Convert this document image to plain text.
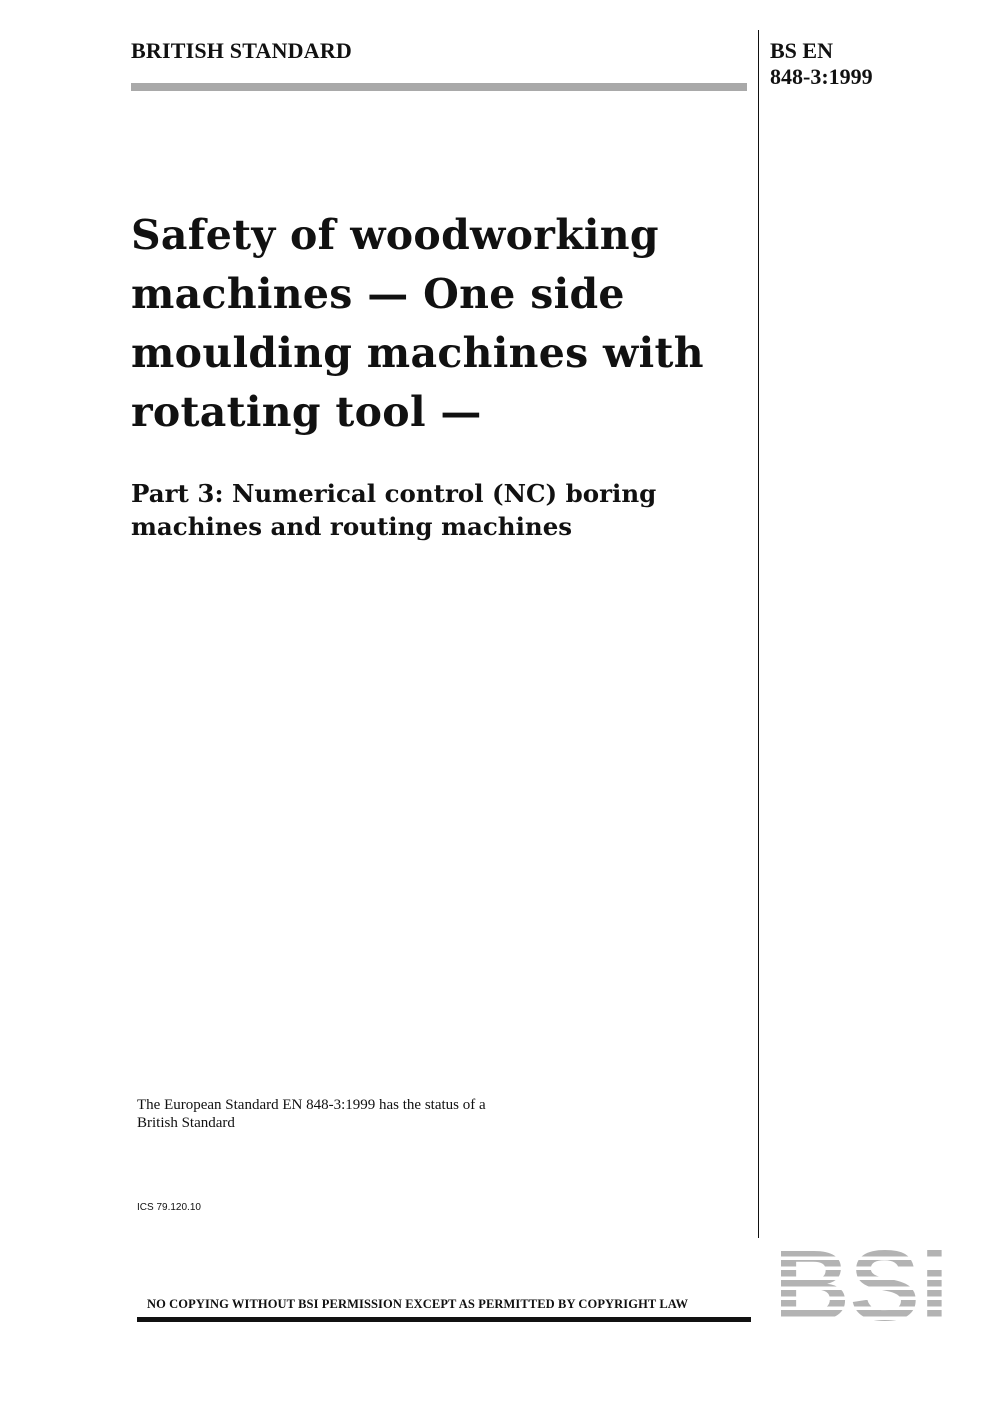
BRITISH STANDARD	BS EN
848-3:1999
Safety of woodworking
machines — One side
moulding machines with
rotating tool —
Part 3: Numerical control (NC) boring
machines and routing machines
The European Standard EN 848-3:1999 has the status of a
British Standard
ICS 79.120.10
NO COPYING WITHOUT BSI PERMISSION EXCEPT AS PERMITTED BY COPYRIGHT LAW BSi
